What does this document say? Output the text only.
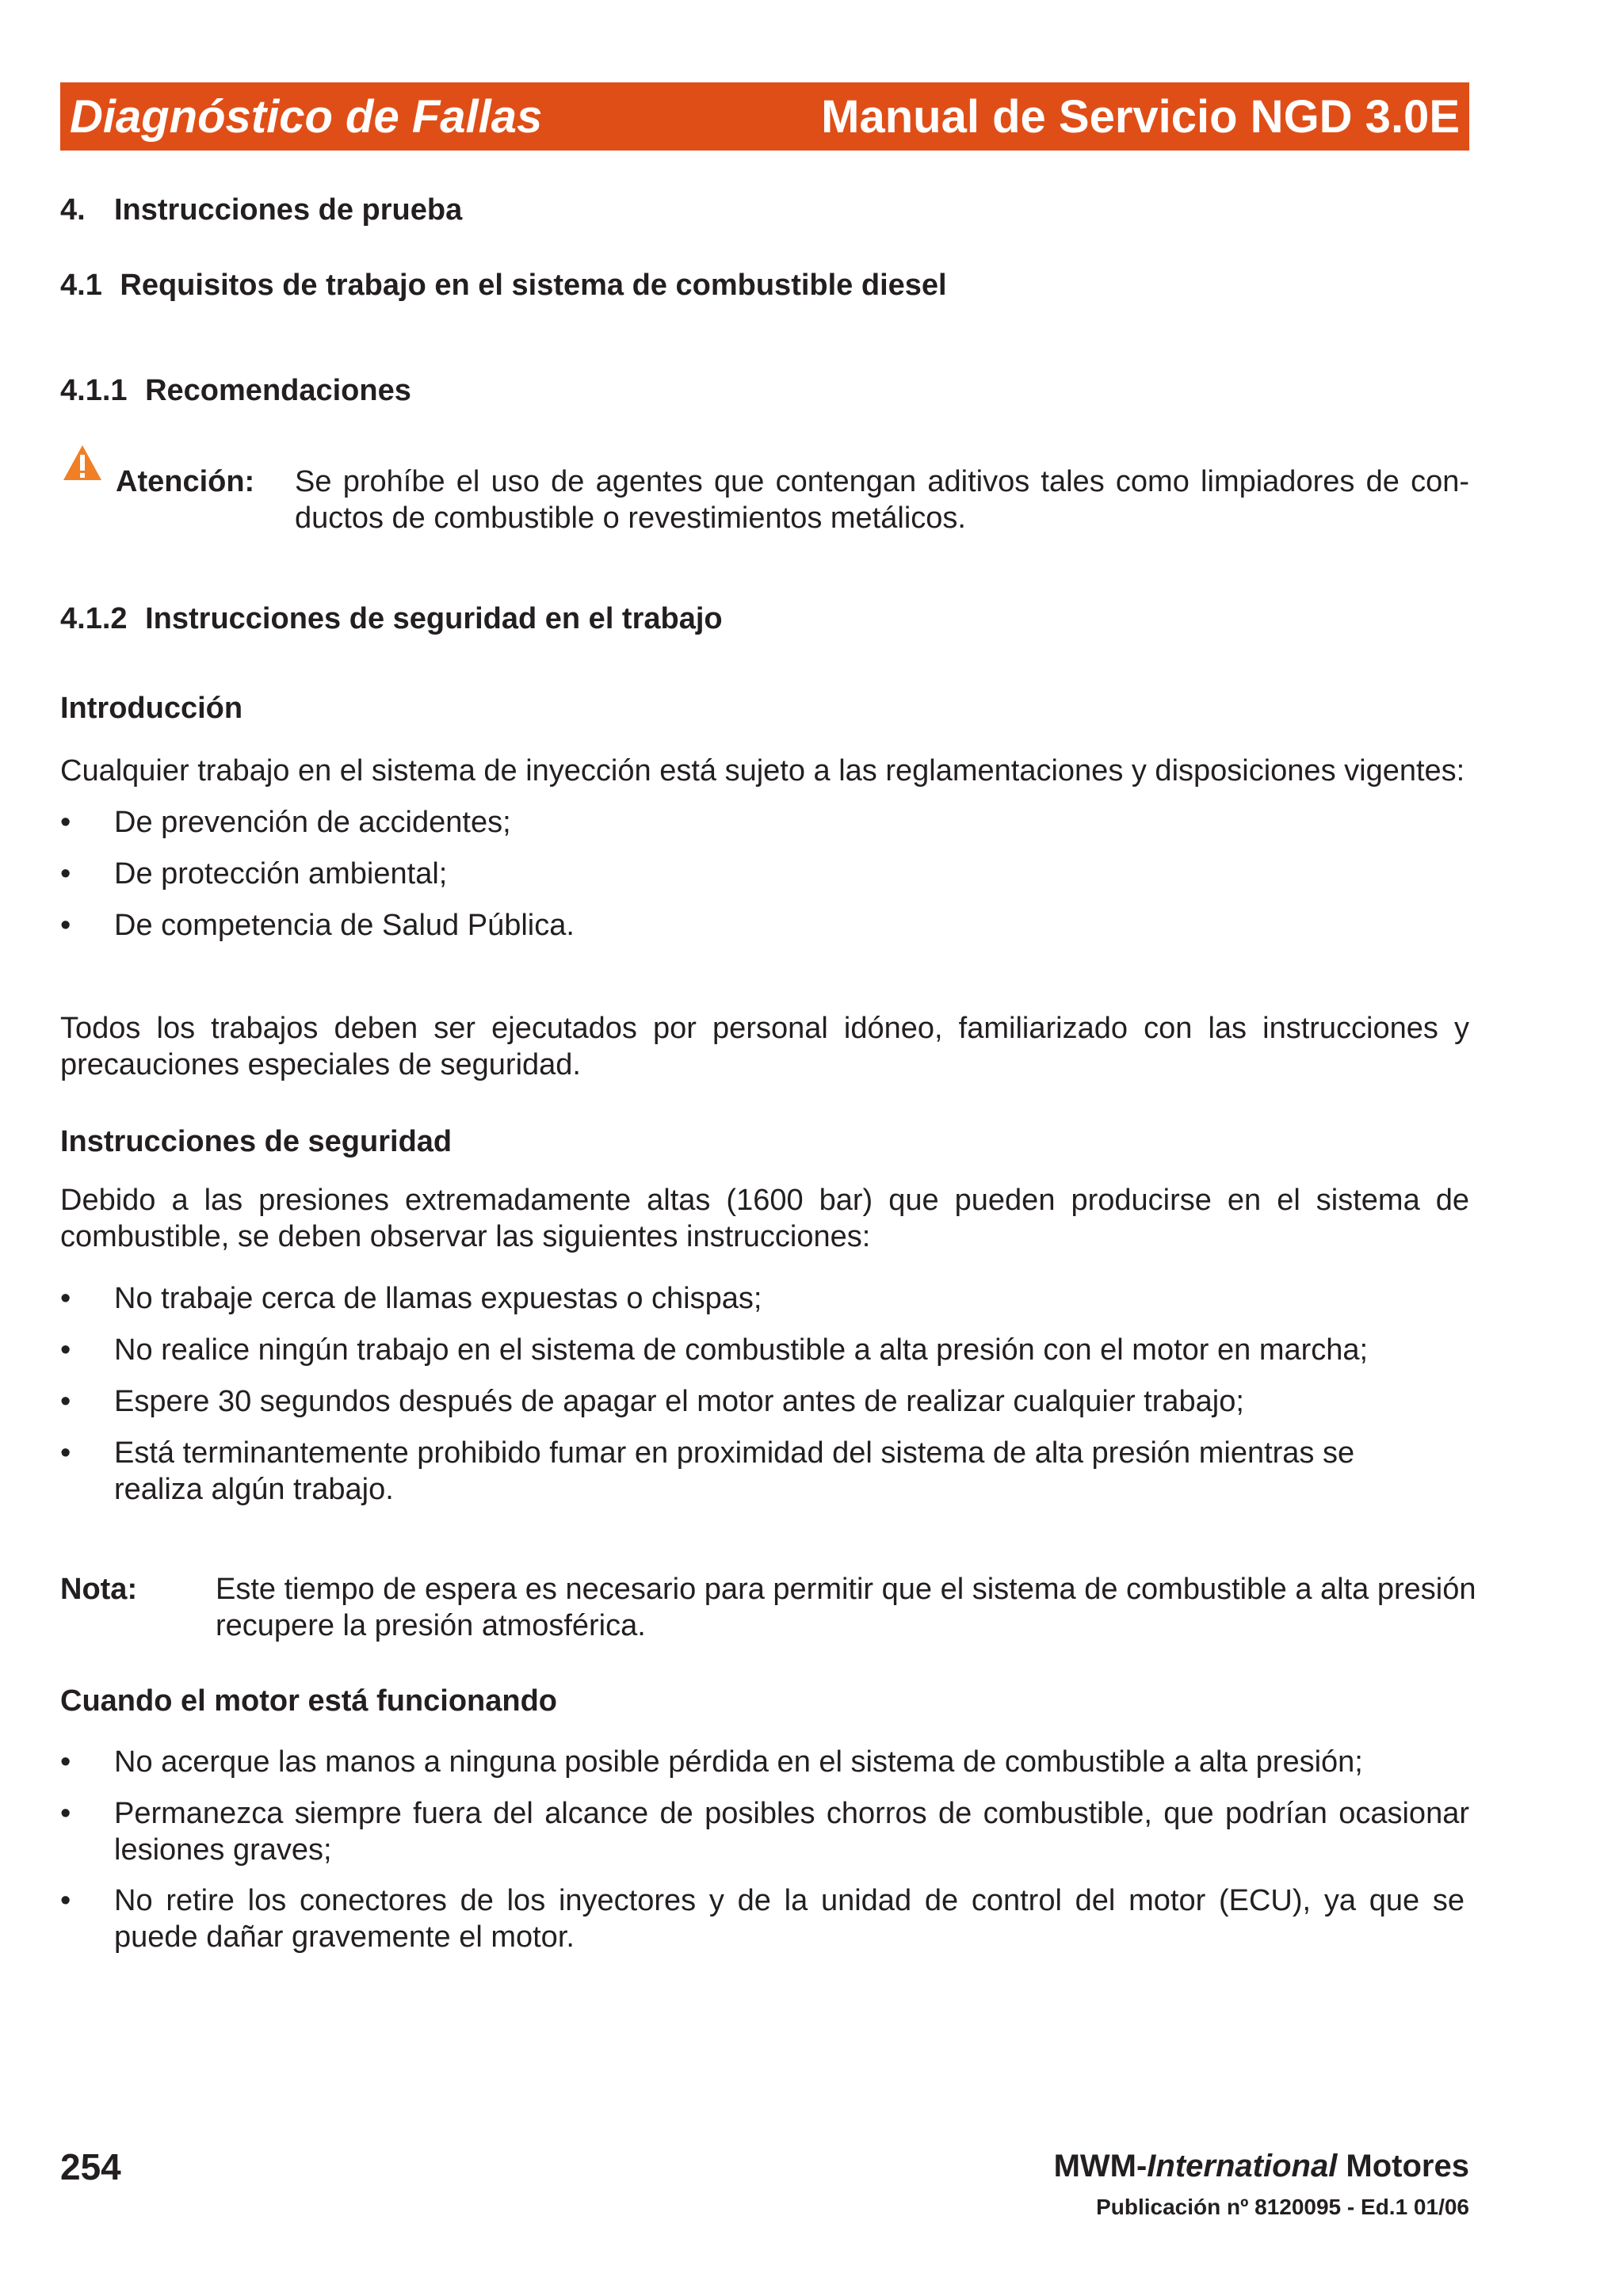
Diagnóstico de Fallas	Manual de Servicio NGD 3.0E
4. Instrucciones de prueba
4.1 Requisitos de trabajo en el sistema de combustible diesel
4.1.1 Recomendaciones
Atención: Se prohíbe el uso de agentes que contengan aditivos tales como limpiadores de con-
ductos de combustible o revestimientos metálicos.
4.1.2 Instrucciones de seguridad en el trabajo
Introducción
Cualquier trabajo en el sistema de inyección está sujeto a las reglamentaciones y disposiciones vigentes:
•	De prevención de accidentes;
•	De protección ambiental;
•	De competencia de Salud Pública.
Todos los trabajos deben ser ejecutados por personal idóneo, familiarizado con las instrucciones y
precauciones especiales de seguridad.
Instrucciones de seguridad
Debido a las presiones extremadamente altas (1600 bar) que pueden producirse en el sistema de
combustible, se deben observar las siguientes instrucciones:
•	No trabaje cerca de llamas expuestas o chispas;
•	No realice ningún trabajo en el sistema de combustible a alta presión con el motor en marcha;
•	Espere 30 segundos después de apagar el motor antes de realizar cualquier trabajo;
•	Está terminantemente prohibido fumar en proximidad del sistema de alta presión mientras se realiza algún trabajo.
Nota:	Este tiempo de espera es necesario para permitir que el sistema de combustible a alta presión
recupere la presión atmosférica.
Cuando el motor está funcionando
•	No acerque las manos a ninguna posible pérdida en el sistema de combustible a alta presión;
•	Permanezca siempre fuera del alcance de posibles chorros de combustible, que podrían ocasionar lesiones graves;
•	No retire los conectores de los inyectores y de la unidad de control del motor (ECU), ya que se puede dañar gravemente el motor.
254	MWM-International Motores
Publicación nº 8120095 - Ed.1 01/06
